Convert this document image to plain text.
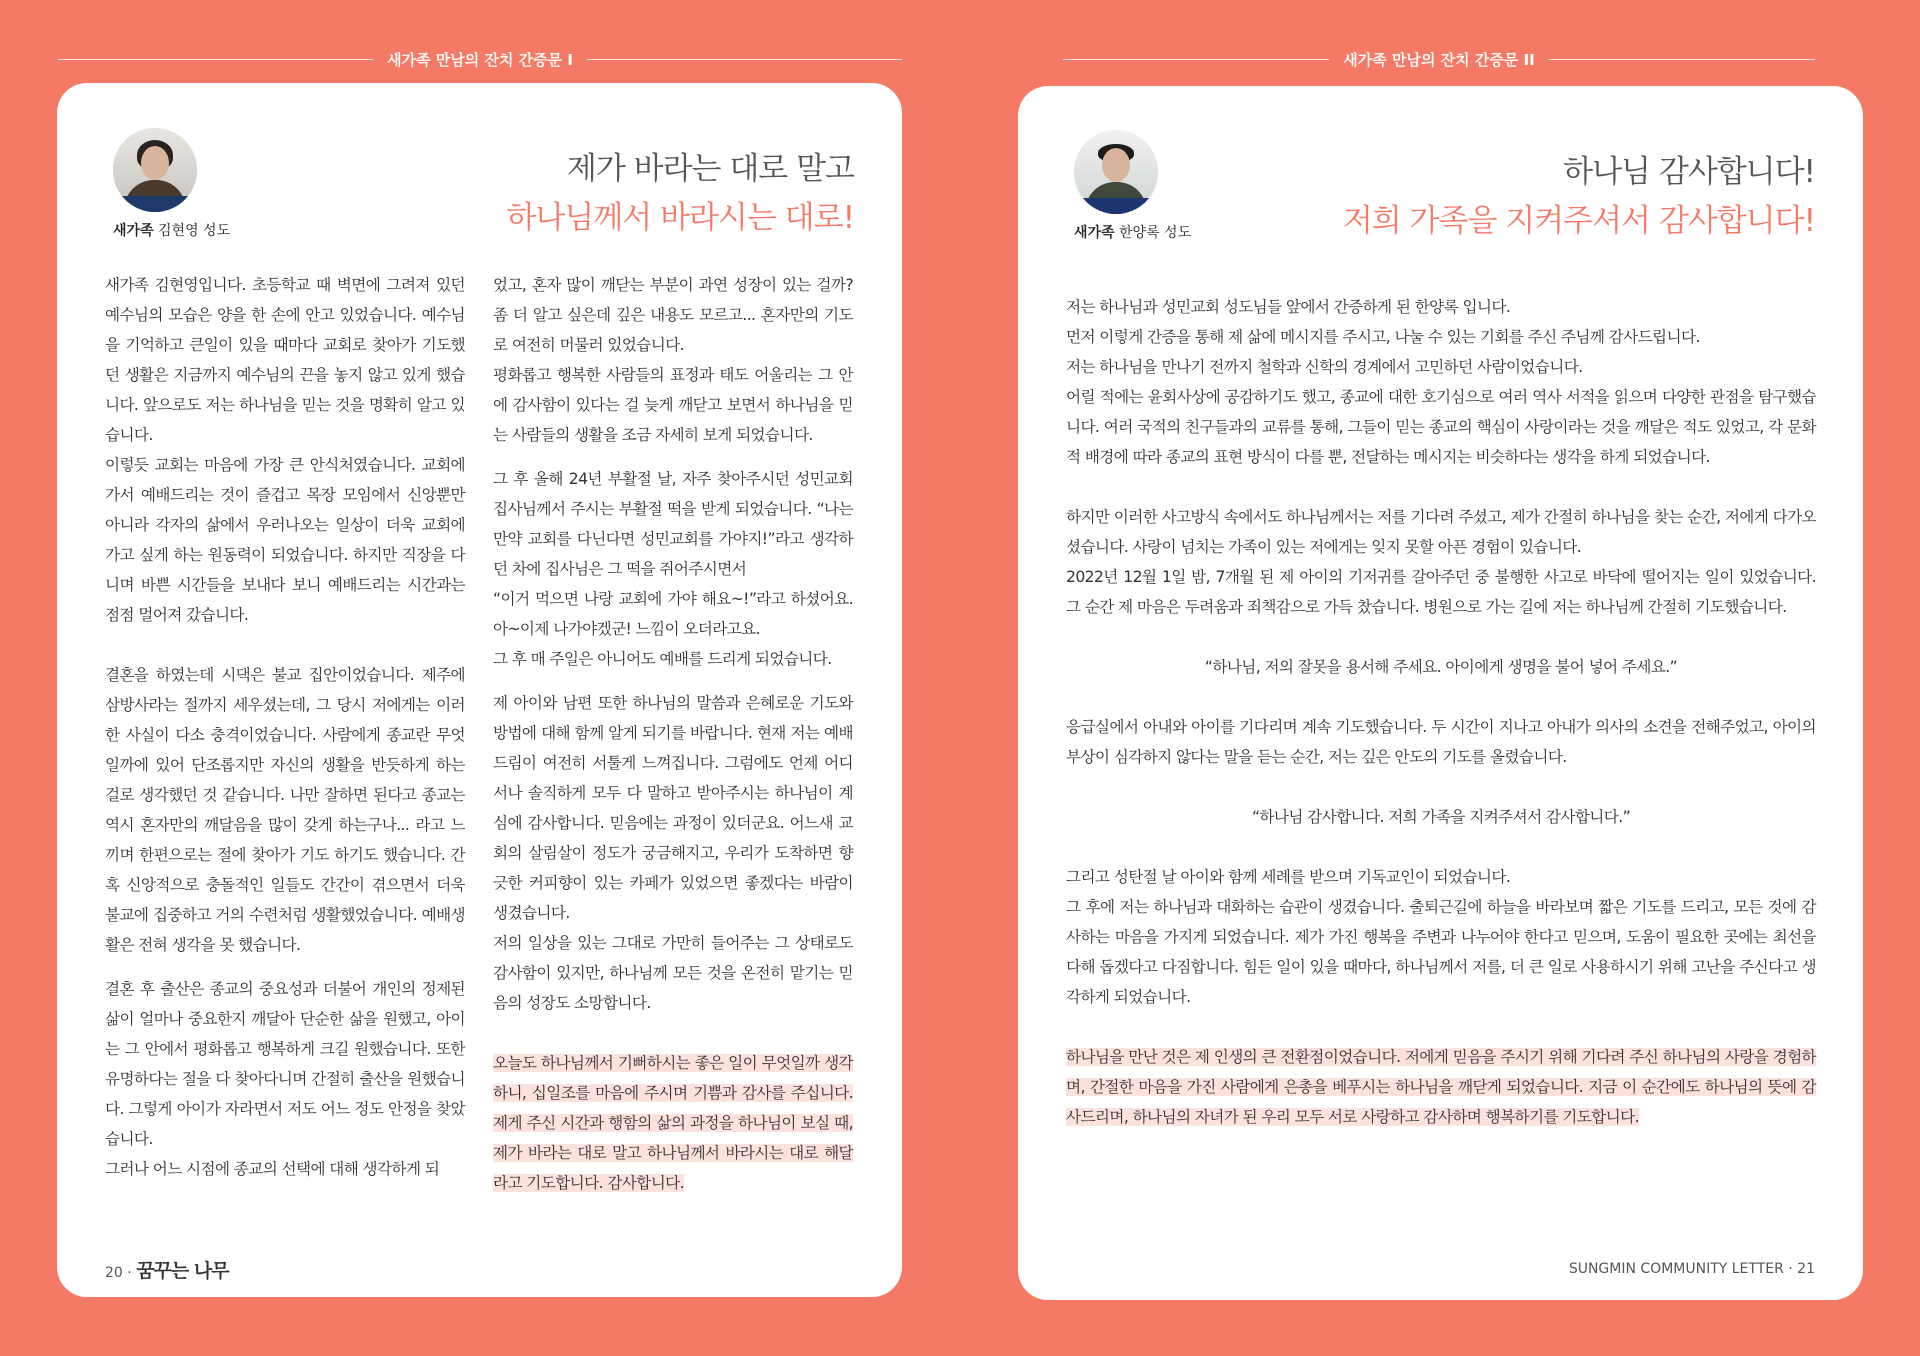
새가족 만남의 잔치 간증문 I	새가족 만남의 잔치 간증문 II
새가족 김현영 성도
제가 바라는 대로 말고
하나님께서 바라시는 대로!

새가족 김현영입니다. 초등학교 때 벽면에 그려져 있던 예수님의 모습은 양을 한 손에 안고 있었습니다. 예수님을 기억하고 큰일이 있을 때마다 교회로 찾아가 기도했던 생활은 지금까지 예수님의 끈을 놓지 않고 있게 했습니다. 앞으로도 저는 하나님을 믿는 것을 명확히 알고 있습니다.

이렇듯 교회는 마음에 가장 큰 안식처였습니다. 교회에 가서 예배드리는 것이 즐겁고 목장 모임에서 신앙뿐만 아니라 각자의 삶에서 우러나오는 일상이 더욱 교회에 가고 싶게 하는 원동력이 되었습니다. 하지만 직장을 다니며 바쁜 시간들을 보내다 보니 예배드리는 시간과는 점점 멀어져 갔습니다.

결혼을 하였는데 시댁은 불교 집안이었습니다. 제주에 삼방사라는 절까지 세우셨는데, 그 당시 저에게는 이러한 사실이 다소 충격이었습니다. 사람에게 종교란 무엇일까에 있어 단조롭지만 자신의 생활을 반듯하게 하는 걸로 생각했던 것 같습니다. 나만 잘하면 된다고 종교는 역시 혼자만의 깨달음을 많이 갖게 하는구나... 라고 느끼며 한편으로는 절에 찾아가 기도 하기도 했습니다. 간혹 신앙적으로 충돌적인 일들도 간간이 겪으면서 더욱 불교에 집중하고 거의 수련처럼 생활했었습니다. 예배생활은 전혀 생각을 못 했습니다.

결혼 후 출산은 종교의 중요성과 더불어 개인의 정제된 삶이 얼마나 중요한지 깨달아 단순한 삶을 원했고, 아이는 그 안에서 평화롭고 행복하게 크길 원했습니다. 또한 유명하다는 절을 다 찾아다니며 간절히 출산을 원했습니다. 그렇게 아이가 자라면서 저도 어느 정도 안정을 찾았습니다.

그러나 어느 시점에 종교의 선택에 대해 생각하게 되

었고, 혼자 많이 깨닫는 부분이 과연 성장이 있는 걸까? 좀 더 알고 싶은데 깊은 내용도 모르고... 혼자만의 기도로 여전히 머물러 있었습니다.

평화롭고 행복한 사람들의 표정과 태도 어울리는 그 안에 감사함이 있다는 걸 늦게 깨닫고 보면서 하나님을 믿는 사람들의 생활을 조금 자세히 보게 되었습니다.

그 후 올해 24년 부활절 날, 자주 찾아주시던 성민교회 집사님께서 주시는 부활절 떡을 받게 되었습니다. “나는 만약 교회를 다닌다면 성민교회를 가야지!”라고 생각하던 차에 집사님은 그 떡을 쥐어주시면서

“이거 먹으면 나랑 교회에 가야 해요~!”라고 하셨어요. 아~이제 나가야겠군! 느낌이 오더라고요.

그 후 매 주일은 아니어도 예배를 드리게 되었습니다.

제 아이와 남편 또한 하나님의 말씀과 은혜로운 기도와 방법에 대해 함께 알게 되기를 바랍니다. 현재 저는 예배드림이 여전히 서툴게 느껴집니다. 그럼에도 언제 어디서나 솔직하게 모두 다 말하고 받아주시는 하나님이 계심에 감사합니다. 믿음에는 과정이 있더군요. 어느새 교회의 살림살이 정도가 궁금해지고, 우리가 도착하면 향긋한 커피향이 있는 카페가 있었으면 좋겠다는 바람이 생겼습니다.

저의 일상을 있는 그대로 가만히 들어주는 그 상태로도 감사함이 있지만, 하나님께 모든 것을 온전히 맡기는 믿음의 성장도 소망합니다.

오늘도 하나님께서 기뻐하시는 좋은 일이 무엇일까 생각하니, 십일조를 마음에 주시며 기쁨과 감사를 주십니다. 제게 주신 시간과 행함의 삶의 과정을 하나님이 보실 때, 제가 바라는 대로 말고 하나님께서 바라시는 대로 해달라고 기도합니다. 감사합니다.

20 · 꿈꾸는 나무
새가족 한양록 성도
하나님 감사합니다!
저희 가족을 지켜주셔서 감사합니다!

저는 하나님과 성민교회 성도님들 앞에서 간증하게 된 한양록 입니다.
먼저 이렇게 간증을 통해 제 삶에 메시지를 주시고, 나눌 수 있는 기회를 주신 주님께 감사드립니다.
저는 하나님을 만나기 전까지 철학과 신학의 경계에서 고민하던 사람이었습니다.
어릴 적에는 윤회사상에 공감하기도 했고, 종교에 대한 호기심으로 여러 역사 서적을 읽으며 다양한 관점을 탐구했습니다. 여러 국적의 친구들과의 교류를 통해, 그들이 믿는 종교의 핵심이 사랑이라는 것을 깨달은 적도 있었고, 각 문화적 배경에 따라 종교의 표현 방식이 다를 뿐, 전달하는 메시지는 비슷하다는 생각을 하게 되었습니다.

하지만 이러한 사고방식 속에서도 하나님께서는 저를 기다려 주셨고, 제가 간절히 하나님을 찾는 순간, 저에게 다가오셨습니다. 사랑이 넘치는 가족이 있는 저에게는 잊지 못할 아픈 경험이 있습니다.
2022년 12월 1일 밤, 7개월 된 제 아이의 기저귀를 갈아주던 중 불행한 사고로 바닥에 떨어지는 일이 있었습니다. 그 순간 제 마음은 두려움과 죄책감으로 가득 찼습니다. 병원으로 가는 길에 저는 하나님께 간절히 기도했습니다.

“하나님, 저의 잘못을 용서해 주세요. 아이에게 생명을 불어 넣어 주세요.”

응급실에서 아내와 아이를 기다리며 계속 기도했습니다. 두 시간이 지나고 아내가 의사의 소견을 전해주었고, 아이의 부상이 심각하지 않다는 말을 듣는 순간, 저는 깊은 안도의 기도를 올렸습니다.

“하나님 감사합니다. 저희 가족을 지켜주셔서 감사합니다.”

그리고 성탄절 날 아이와 함께 세례를 받으며 기독교인이 되었습니다.
그 후에 저는 하나님과 대화하는 습관이 생겼습니다. 출퇴근길에 하늘을 바라보며 짧은 기도를 드리고, 모든 것에 감사하는 마음을 가지게 되었습니다. 제가 가진 행복을 주변과 나누어야 한다고 믿으며, 도움이 필요한 곳에는 최선을 다해 돕겠다고 다짐합니다. 힘든 일이 있을 때마다, 하나님께서 저를, 더 큰 일로 사용하시기 위해 고난을 주신다고 생각하게 되었습니다.

하나님을 만난 것은 제 인생의 큰 전환점이었습니다. 저에게 믿음을 주시기 위해 기다려 주신 하나님의 사랑을 경험하며, 간절한 마음을 가진 사람에게 은총을 베푸시는 하나님을 깨닫게 되었습니다. 지금 이 순간에도 하나님의 뜻에 감사드리며, 하나님의 자녀가 된 우리 모두 서로 사랑하고 감사하며 행복하기를 기도합니다.

SUNGMIN COMMUNITY LETTER · 21
